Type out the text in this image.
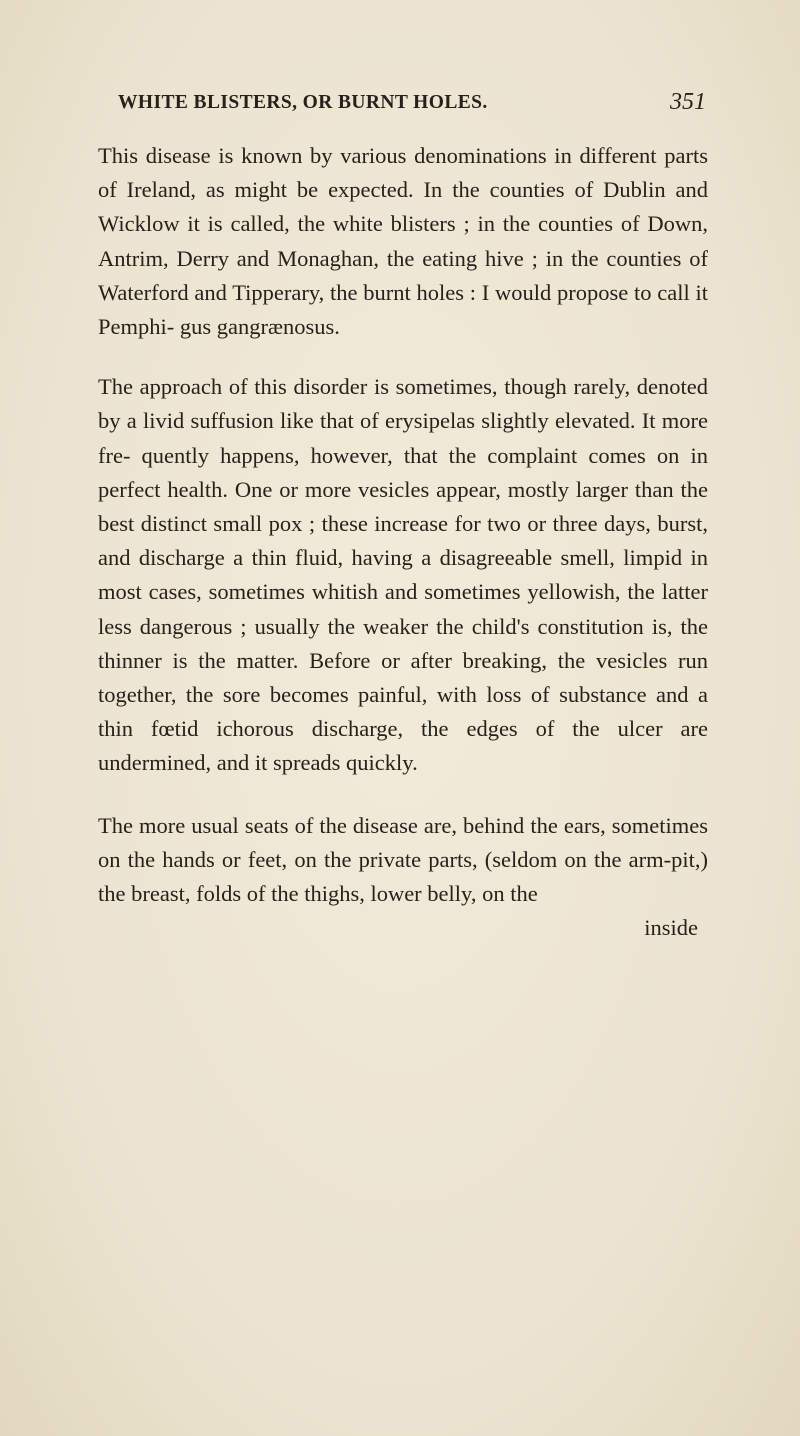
WHITE BLISTERS, OR BURNT HOLES.	351

This disease is known by various denominations in different parts of Ireland, as might be expected. In the counties of Dublin and Wicklow it is called, the white blisters ; in the counties of Down, Antrim, Derry and Monaghan, the eating hive ; in the counties of Waterford and Tipperary, the burnt holes : I would propose to call it Pemphi- gus gangrænosus.

The approach of this disorder is sometimes, though rarely, denoted by a livid suffusion like that of erysipelas slightly elevated. It more fre- quently happens, however, that the complaint comes on in perfect health. One or more vesicles appear, mostly larger than the best distinct small pox ; these increase for two or three days, burst, and discharge a thin fluid, having a disagreeable smell, limpid in most cases, sometimes whitish and sometimes yellowish, the latter less dangerous ; usually the weaker the child's constitution is, the thinner is the matter. Before or after breaking, the vesicles run together, the sore becomes painful, with loss of substance and a thin fœtid ichorous discharge, the edges of the ulcer are undermined, and it spreads quickly.

The more usual seats of the disease are, behind the ears, sometimes on the hands or feet, on the private parts, (seldom on the arm-pit,) the breast, folds of the thighs, lower belly, on the

inside
